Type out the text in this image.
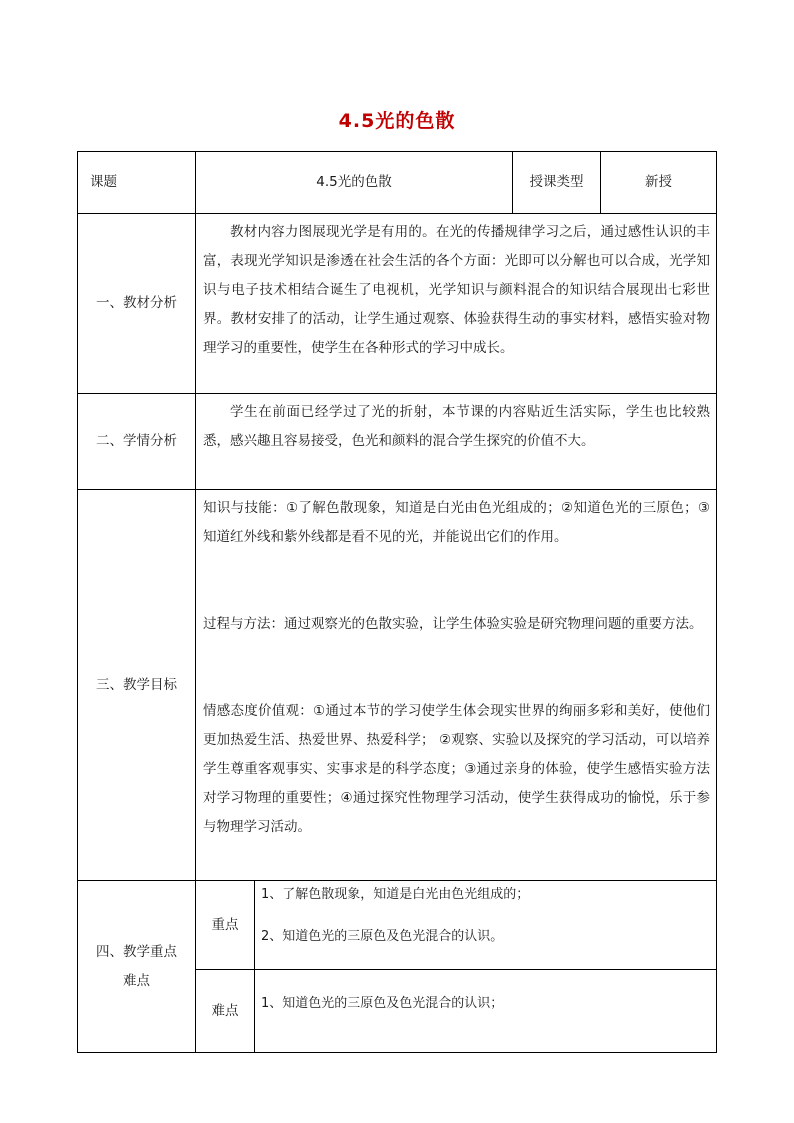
4.5光的色散
课题	4.5光的色散		授课类型	新授
一、教材分析	教材内容力图展现光学是有用的。在光的传播规律学习之后，通过感性认识的丰富，表现光学知识是渗透在社会生活的各个方面：光即可以分解也可以合成，光学知识与电子技术相结合诞生了电视机，光学知识与颜料混合的知识结合展现出七彩世界。教材安排了的活动，让学生通过观察、体验获得生动的事实材料，感悟实验对物理学习的重要性，使学生在各种形式的学习中成长。			
二、学情分析	学生在前面已经学过了光的折射，本节课的内容贴近生活实际，学生也比较熟悉，感兴趣且容易接受，色光和颜料的混合学生探究的价值不大。			
三、教学目标	知识与技能：①了解色散现象，知道是白光由色光组成的；②知道色光的三原色；③知道红外线和紫外线都是看不见的光，并能说出它们的作用。

过程与方法：通过观察光的色散实验，让学生体验实验是研究物理问题的重要方法。

情感态度价值观：①通过本节的学习使学生体会现实世界的绚丽多彩和美好，使他们更加热爱生活、热爱世界、热爱科学； ②观察、实验以及探究的学习活动，可以培养学生尊重客观事实、实事求是的科学态度；③通过亲身的体验，使学生感悟实验方法对学习物理的重要性；④通过探究性物理学习活动，使学生获得成功的愉悦，乐于参与物理学习活动。			

四、教学重点难点	重点	1、了解色散现象，知道是白光由色光组成的；
2、知道色光的三原色及色光混合的认识。		

	难点	1、知道色光的三原色及色光混合的认识；		
